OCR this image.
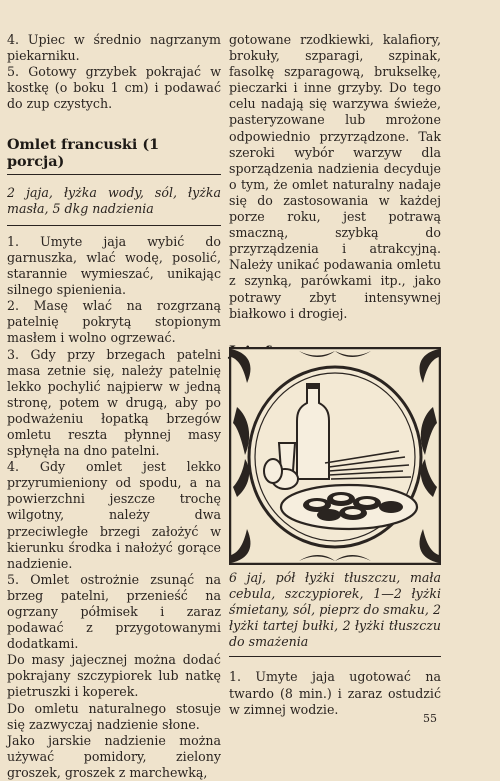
4. Upiec w średnio nagrzanym piekarniku.

5. Gotowy grzybek pokrajać w kostkę (o boku 1 cm) i podawać do zup czystych.

Omlet francuski (1 porcja)

2 jaja, łyżka wody, sól, łyżka masła, 5 dkg nadzienia

1. Umyte jaja wybić do garnuszka, wlać wodę, posolić, starannie wymieszać, unikając silnego spienienia.

2. Masę wlać na rozgrzaną patelnię pokrytą stopionym masłem i wolno ogrzewać.

3. Gdy przy brzegach patelni masa zetnie się, należy patelnię lekko pochylić najpierw w jedną stronę, potem w drugą, aby po podważeniu łopatką brzegów omletu reszta płynnej masy spłynęła na dno patelni.

4. Gdy omlet jest lekko przyrumieniony od spodu, a na powierzchni jeszcze trochę wilgotny, należy dwa przeciwległe brzegi założyć w kierunku środka i nałożyć gorące nadzienie.

5. Omlet ostrożnie zsunąć na brzeg patelni, przenieść na ogrzany półmisek i zaraz podawać z przygotowanymi dodatkami.

Do masy jajecznej można dodać pokrajany szczypiorek lub natkę pietruszki i koperek.

Do omletu naturalnego stosuje się zazwyczaj nadzienie słone.

Jako jarskie nadzienie można używać pomidory, zielony groszek, groszek z marchewką,

gotowane rzodkiewki, kalafiory, brokuły, szparagi, szpinak, fasolkę szparagową, brukselkę, pieczarki i inne grzyby. Do tego celu nadają się warzywa świeże, pasteryzowane lub mrożone odpowiednio przyrządzone. Tak szeroki wybór warzyw dla sporządzenia nadzienia decyduje o tym, że omlet naturalny nadaje się do zastosowania w każdej porze roku, jest potrawą smaczną, szybką do przyrządzenia i atrakcyjną. Należy unikać podawania omletu z szynką, parówkami itp., jako potrawy zbyt intensywnej białkowo i drogiej.

6 jaj, pół łyżki tłuszczu, mała cebula, szczypiorek, 1—2 łyżki śmietany, sól, pieprz do smaku, 2 łyżki tartej bułki, 2 łyżki tłuszczu do smażenia

1. Umyte jaja ugotować na twardo (8 min.) i zaraz ostudzić w zimnej wodzie.

55
